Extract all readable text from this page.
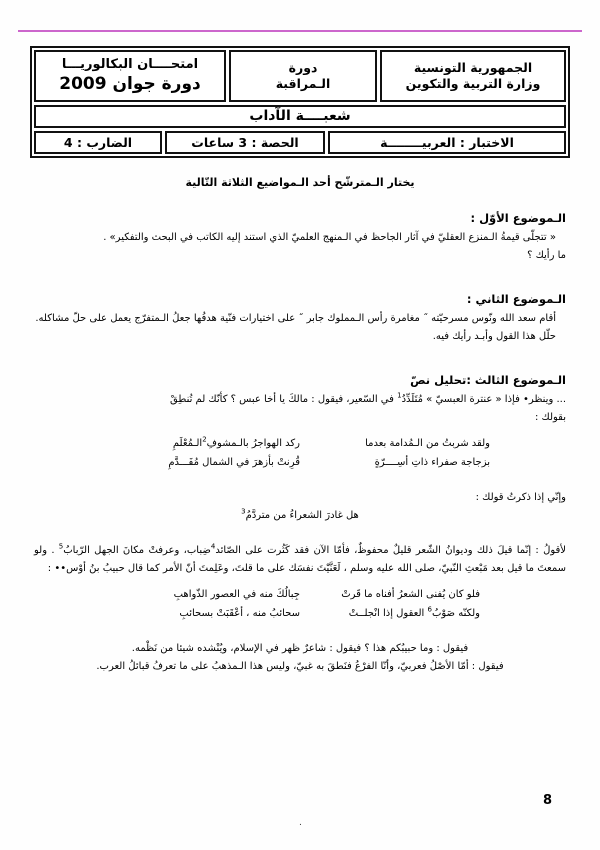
الجمهورية التونسية
وزارة التربية والتكوين
دورة
الـمراقبة
امتحــــان البكالوريـــا
دورة جوان 2009
شعبــــة الآداب
الاختبار : العربيــــــــة
الحصة : 3 ساعات
الضارب : 4

يختار الـمترشّح أحد الـمواضيع الثلاثة التّالية

الـموضوع الأوّل :

« تتجلّى قيمةُ الـمنزع العقليّ في آثار الجاحظ في الـمنهج العلميّ الذي استند إليه الكاتب في البحث والتفكير» .

ما رأيك ؟

الـموضوع الثاني :

أقام سعد الله ونّوس مسرحيّته ˝ مغامرة رأس الـمملوك جابر ˝ على اختيارات فنّية هدفُها جعلُ الـمتفرّج يعمل على حلّ مشاكله.

حلّل هذا القول وأبـد رأيك فيه.

الـموضوع الثالث :تحليل نصّ

... وينظر• فإذا « عنترة العبسيّ » مُتَلَدِّدُ$^1$ في السّعير، فيقول : مالكَ يا أخا عبس ؟ كأنّك لم تُنطِقْ

بقولك :

ولقد شربتُ من الـمُدامة بعدما
ركد الهواجرُ بالـمشوفِ$^2$الـمُعْلَمِ
بزجاجة صفراء ذاتِ أسِــــرّةٍ
قُرِنتْ بأزهرَ في الشمال مُفَـــدَّمِ

وإنّي إذا ذكرتُ قولك :

هل غادرَ الشعراءُ من متردَّمُ$^3$

لأقولُ : إنّما قيلَ ذلك وديوانُ الشّعر قليلٌ محفوظٌ، فأمّا الآن فقد كَثُرت على الصّائد$^4$ضِباب، وعرفتْ مكانَ الجهل الرّبابُ$^5$ . ولو سمعتَ ما قيل بعد مَبْعثِ النّبيّ، صلى الله عليه وسلم ، لَعَنَّيْتَ نفسَك على ما قلتَ، وعَلِمتَ أنّ الأمر كما قال حبيبُ بنُ أوْس•• :

فلو كان يُفنى الشعرُ أفناه ما قَرتْ
جِبالُكَ منه في العصور الذّواهبِ
ولكنّه صَوْبُ$^6$ العقول إذا انْجلــتْ
سحائبُ منه ، أعْقَبَتْ بسحائبِ

فيقول : وما حبيبُكم هذا ؟ فيقول : شاعرٌ ظهر في الإسلام، ويُنْشده شيئا من نَظْمه.

فيقول : أمّا الأصْلُ فعربيّ، وأنّا الفرْعُ فنَطقَ به غبيّ، وليس هذا الـمذهبُ على ما تعرفُ قبائلُ العرب.

8
.
